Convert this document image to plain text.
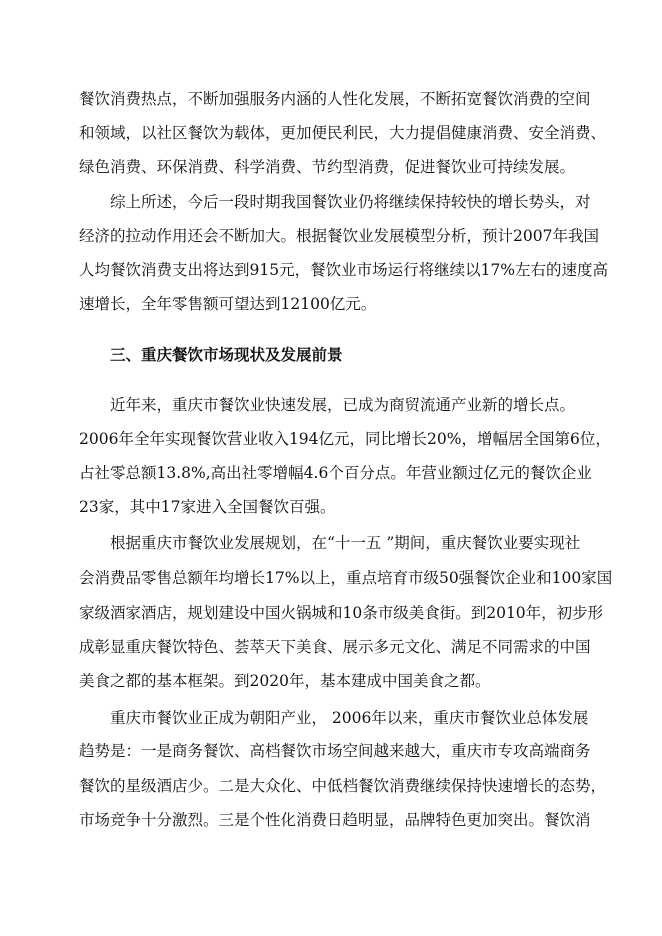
餐饮消费热点，不断加强服务内涵的人性化发展，不断拓宽餐饮消费的空间
和领域，以社区餐饮为载体，更加便民利民，大力提倡健康消费、安全消费、
绿色消费、环保消费、科学消费、节约型消费，促进餐饮业可持续发展。
综上所述，今后一段时期我国餐饮业仍将继续保持较快的增长势头，对
经济的拉动作用还会不断加大。根据餐饮业发展模型分析，预计2007年我国
人均餐饮消费支出将达到915元，餐饮业市场运行将继续以17%左右的速度高
速增长，全年零售额可望达到12100亿元。
三、重庆餐饮市场现状及发展前景
近年来，重庆市餐饮业快速发展，已成为商贸流通产业新的增长点。
2006年全年实现餐饮营业收入194亿元，同比增长20%，增幅居全国第6位，
占社零总额13.8%,高出社零增幅4.6个百分点。年营业额过亿元的餐饮企业
23家，其中17家进入全国餐饮百强。
根据重庆市餐饮业发展规划，在“十一五 ”期间，重庆餐饮业要实现社
会消费品零售总额年均增长17%以上，重点培育市级50强餐饮企业和100家国
家级酒家酒店，规划建设中国火锅城和10条市级美食街。到2010年，初步形
成彰显重庆餐饮特色、荟萃天下美食、展示多元文化、满足不同需求的中国
美食之都的基本框架。到2020年，基本建成中国美食之都。
重庆市餐饮业正成为朝阳产业， 2006年以来，重庆市餐饮业总体发展
趋势是：一是商务餐饮、高档餐饮市场空间越来越大，重庆市专攻高端商务
餐饮的星级酒店少。二是大众化、中低档餐饮消费继续保持快速增长的态势，
市场竞争十分激烈。三是个性化消费日趋明显，品牌特色更加突出。餐饮消
